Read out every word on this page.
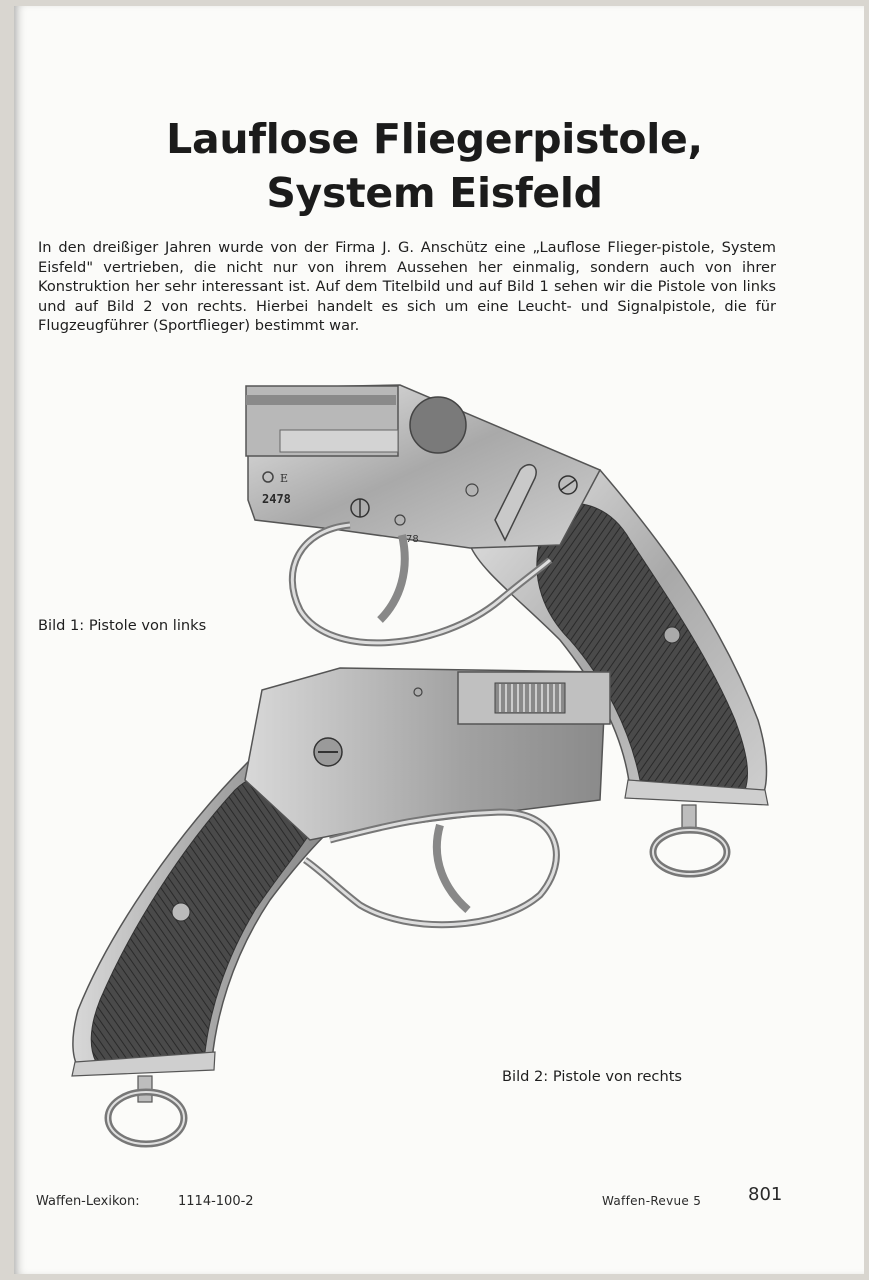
Lauflose Fliegerpistole,
System Eisfeld
In den dreißiger Jahren wurde von der Firma J. G. Anschütz eine „Lauflose Flieger-pistole, System Eisfeld" vertrieben, die nicht nur von ihrem Aussehen her einmalig, sondern auch von ihrer Konstruktion her sehr interessant ist. Auf dem Titelbild und auf Bild 1 sehen wir die Pistole von links und auf Bild 2 von rechts. Hierbei handelt es sich um eine Leucht- und Signalpistole, die für Flugzeugführer (Sportflieger) bestimmt war.
E
2478
78
Bild 1: Pistole von links
Bild 2: Pistole von rechts
Waffen-Lexikon:	1114-100-2	Waffen-Revue 5	801
